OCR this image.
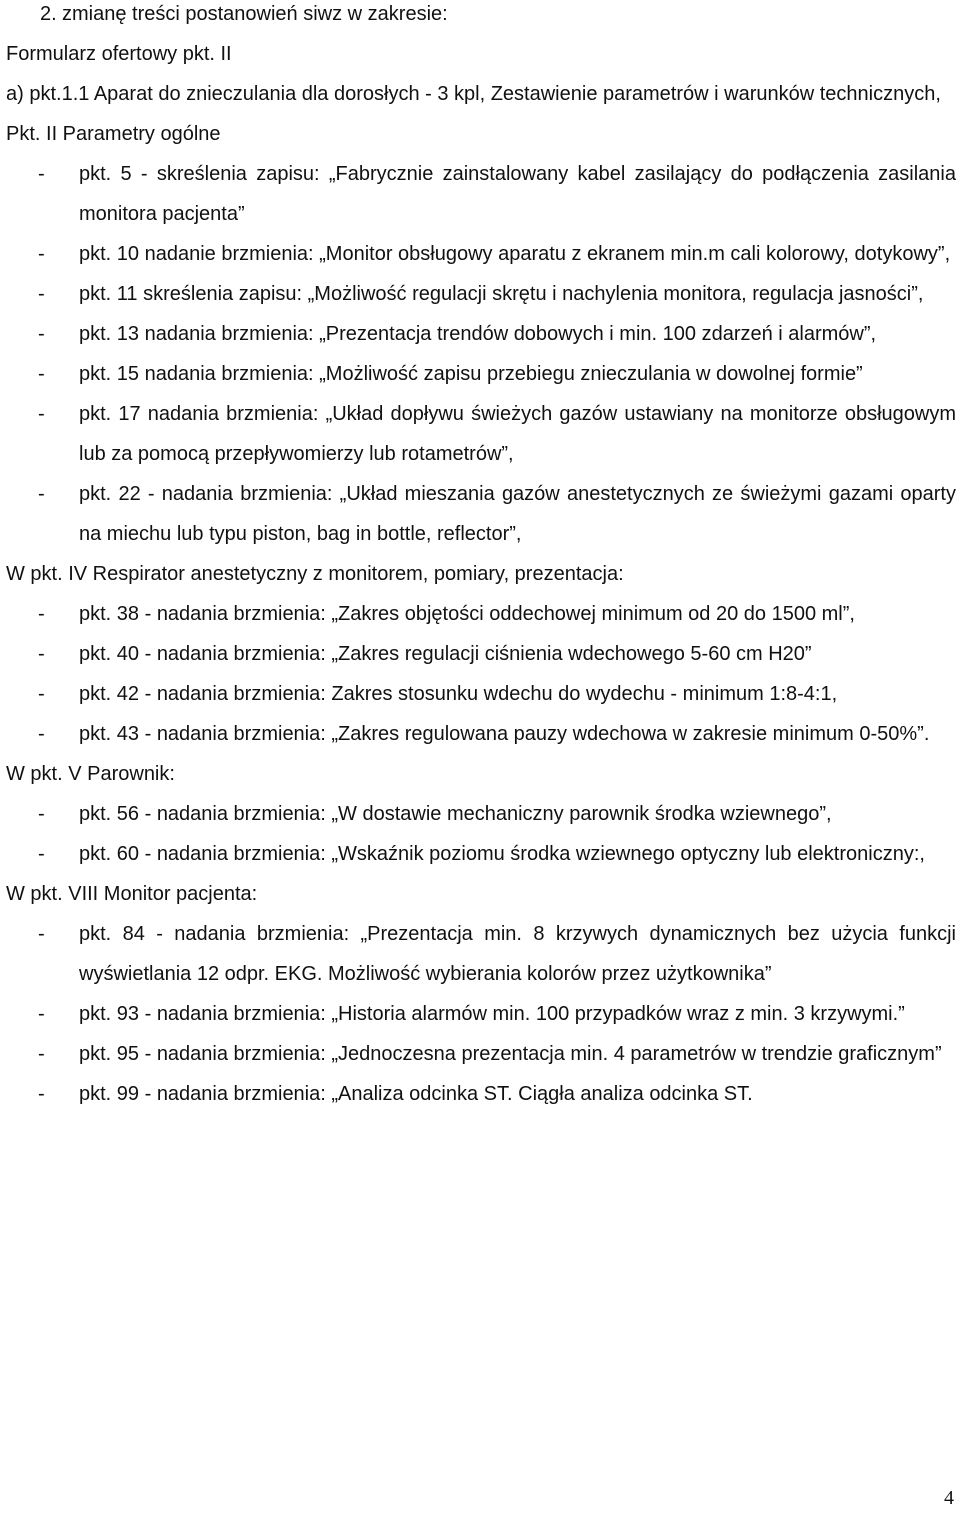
2. zmianę treści postanowień siwz w zakresie:
Formularz ofertowy pkt. II
a) pkt.1.1 Aparat do znieczulania dla dorosłych - 3 kpl, Zestawienie parametrów i warunków technicznych, Pkt. II Parametry ogólne
- pkt. 5 - skreślenia zapisu: „Fabrycznie zainstalowany kabel zasilający do podłączenia zasilania monitora pacjenta”
- pkt. 10 nadanie brzmienia: „Monitor obsługowy aparatu z ekranem min.m cali kolorowy, dotykowy”,
- pkt. 11 skreślenia zapisu: „Możliwość regulacji skrętu i nachylenia monitora, regulacja jasności”,
- pkt. 13 nadania brzmienia: „Prezentacja trendów dobowych i min. 100 zdarzeń i alarmów”,
- pkt. 15 nadania brzmienia: „Możliwość zapisu przebiegu znieczulania w dowolnej formie”
- pkt. 17 nadania brzmienia: „Układ dopływu świeżych gazów ustawiany na monitorze obsługowym lub za pomocą przepływomierzy lub rotametrów”,
- pkt. 22 - nadania brzmienia: „Układ mieszania gazów anestetycznych ze świeżymi gazami oparty na miechu lub typu piston, bag in bottle, reflector”,
W pkt. IV Respirator anestetyczny z monitorem, pomiary, prezentacja:
- pkt. 38 - nadania brzmienia: „Zakres objętości oddechowej minimum od 20 do 1500 ml”,
- pkt. 40 - nadania brzmienia: „Zakres regulacji ciśnienia wdechowego 5-60 cm H20”
- pkt. 42 - nadania brzmienia: Zakres stosunku wdechu do wydechu - minimum 1:8-4:1,
- pkt. 43 - nadania brzmienia: „Zakres regulowana pauzy wdechowa w zakresie minimum 0-50%”.
W pkt. V Parownik:
- pkt. 56 - nadania brzmienia: „W dostawie mechaniczny parownik środka wziewnego”,
- pkt. 60 - nadania brzmienia: „Wskaźnik poziomu środka wziewnego optyczny lub elektroniczny:,
W pkt. VIII Monitor pacjenta:
- pkt. 84 - nadania brzmienia: „Prezentacja min. 8 krzywych dynamicznych bez użycia funkcji wyświetlania 12 odpr. EKG. Możliwość wybierania kolorów przez użytkownika”
- pkt. 93 - nadania brzmienia: „Historia alarmów min. 100 przypadków wraz z min. 3 krzywymi.”
- pkt. 95 - nadania brzmienia: „Jednoczesna prezentacja min. 4 parametrów w trendzie graficznym”
- pkt. 99 - nadania brzmienia: „Analiza odcinka ST. Ciągła analiza odcinka ST.
4
